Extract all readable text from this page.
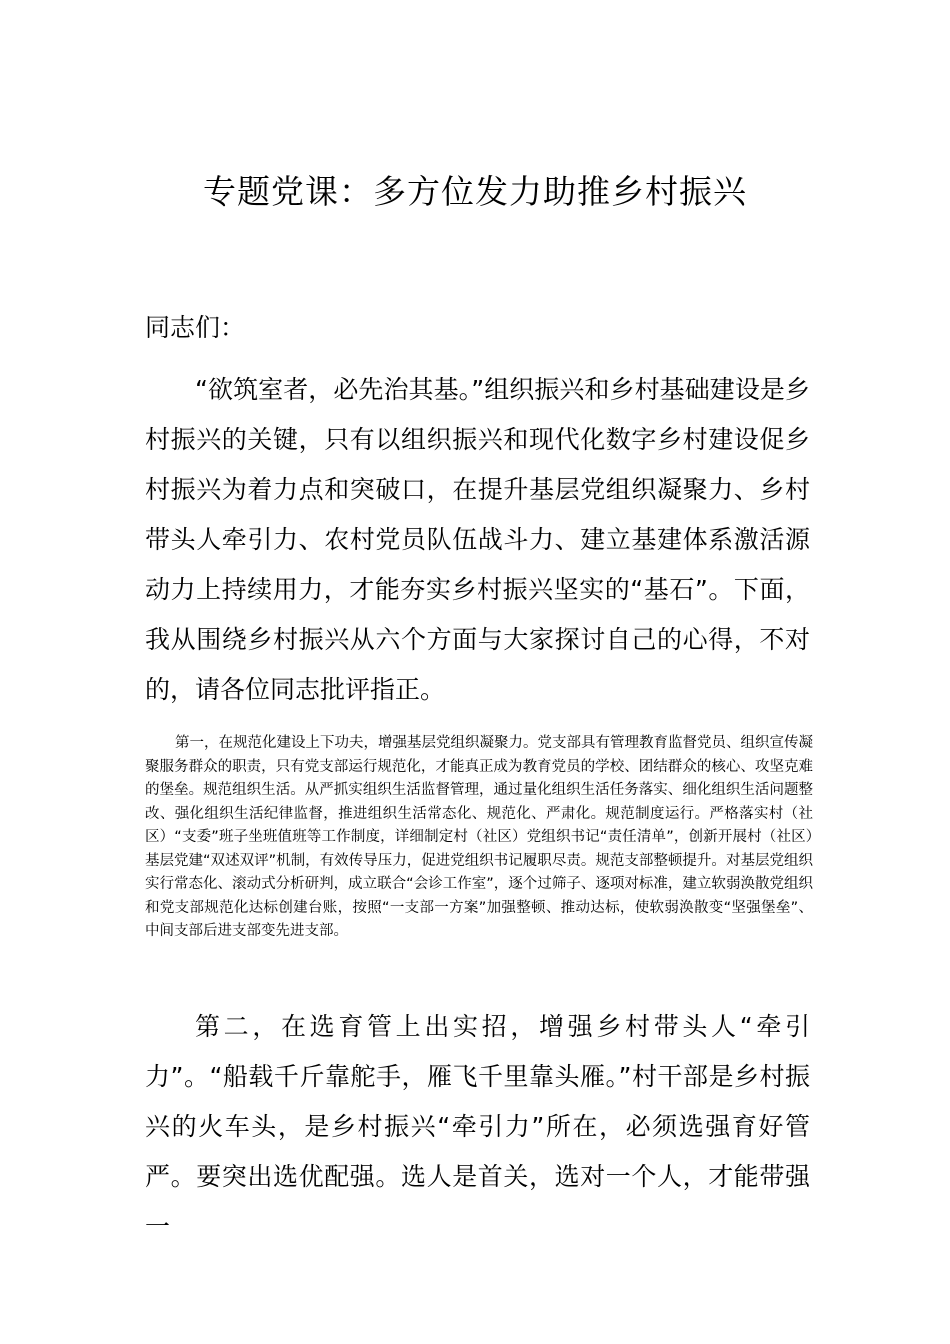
专题党课：多方位发力助推乡村振兴
同志们：

“欲筑室者，必先治其基。”组织振兴和乡村基础建设是乡村振兴的关键，只有以组织振兴和现代化数字乡村建设促乡村振兴为着力点和突破口，在提升基层党组织凝聚力、乡村带头人牵引力、农村党员队伍战斗力、建立基建体系激活源动力上持续用力，才能夯实乡村振兴坚实的“基石”。下面，我从围绕乡村振兴从六个方面与大家探讨自己的心得，不对的，请各位同志批评指正。

第一，在规范化建设上下功夫，增强基层党组织凝聚力。党支部具有管理教育监督党员、组织宣传凝聚服务群众的职责，只有党支部运行规范化，才能真正成为教育党员的学校、团结群众的核心、攻坚克难的堡垒。规范组织生活。从严抓实组织生活监督管理，通过量化组织生活任务落实、细化组织生活问题整改、强化组织生活纪律监督，推进组织生活常态化、规范化、严肃化。规范制度运行。严格落实村（社区）“支委”班子坐班值班等工作制度，详细制定村（社区）党组织书记“责任清单”，创新开展村（社区）基层党建“双述双评”机制，有效传导压力，促进党组织书记履职尽责。规范支部整顿提升。对基层党组织实行常态化、滚动式分析研判，成立联合“会诊工作室”，逐个过筛子、逐项对标准，建立软弱涣散党组织和党支部规范化达标创建台账，按照“一支部一方案”加强整顿、推动达标，使软弱涣散变“坚强堡垒”、中间支部后进支部变先进支部。

第二，在选育管上出实招，增强乡村带头人“牵引力”。“船载千斤靠舵手，雁飞千里靠头雁。”村干部是乡村振兴的火车头，是乡村振兴“牵引力”所在，必须选强育好管严。要突出选优配强。选人是首关，选对一个人，才能带强一
